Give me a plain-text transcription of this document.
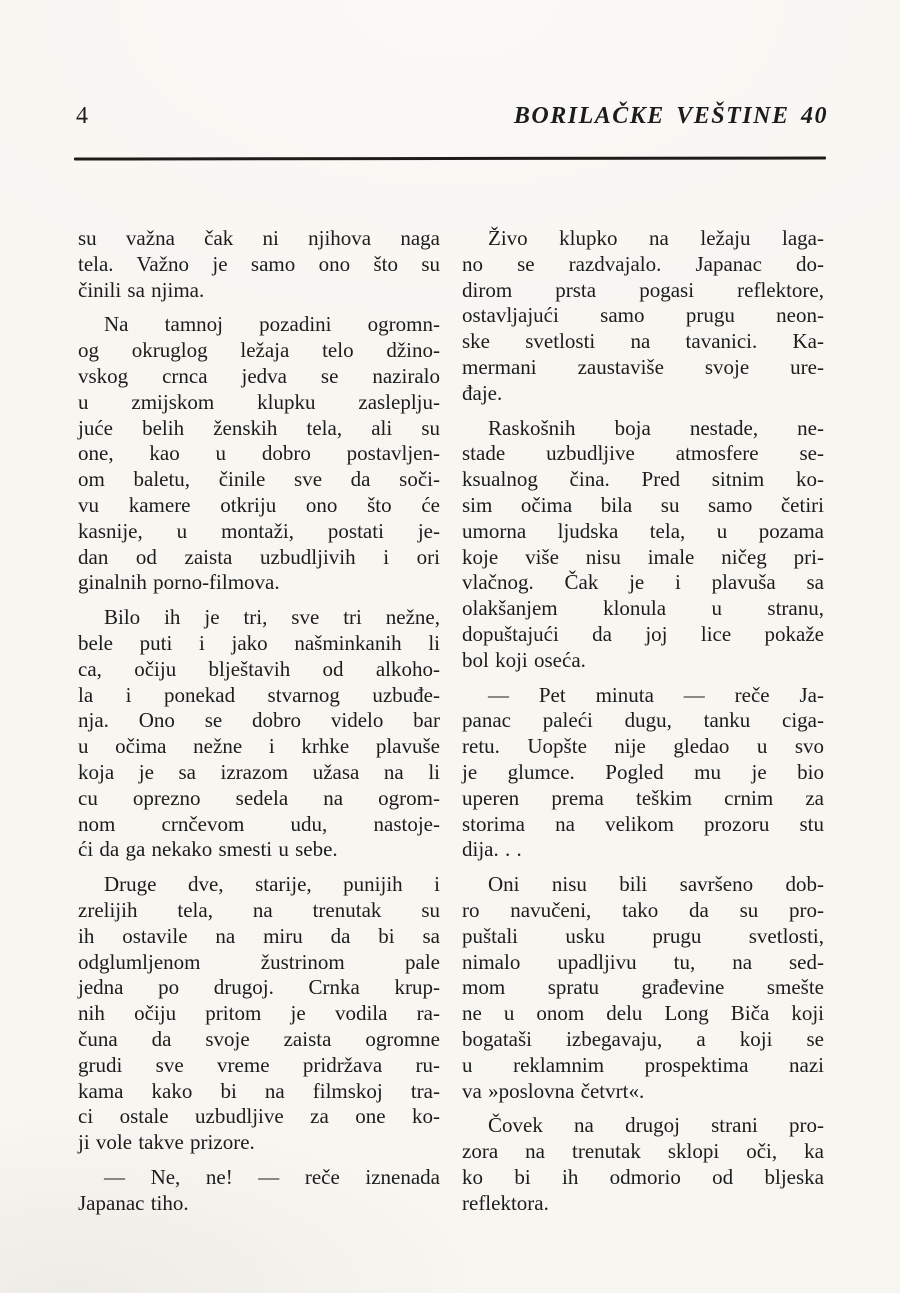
4	BORILAČKE VEŠTINE 40
su važna čak ni njihova naga
tela. Važno je samo ono što su
činili sa njima.
Na tamnoj pozadini ogromn-
og okruglog ležaja telo džino-
vskog crnca jedva se naziralo
u zmijskom klupku zasleplju-
juće belih ženskih tela, ali su
one, kao u dobro postavljen-
om baletu, činile sve da soči-
vu kamere otkriju ono što će
kasnije, u montaži, postati je-
dan od zaista uzbudljivih i ori
ginalnih porno-filmova.
Bilo ih je tri, sve tri nežne,
bele puti i jako našminkanih li
ca, očiju blještavih od alkoho-
la i ponekad stvarnog uzbuđe-
nja. Ono se dobro videlo bar
u očima nežne i krhke plavuše
koja je sa izrazom užasa na li
cu oprezno sedela na ogrom-
nom crnčevom udu, nastoje-
ći da ga nekako smesti u sebe.
Druge dve, starije, punijih i
zrelijih tela, na trenutak su
ih ostavile na miru da bi sa
odglumljenom žustrinom pale
jedna po drugoj. Crnka krup-
nih očiju pritom je vodila ra-
čuna da svoje zaista ogromne
grudi sve vreme pridržava ru-
kama kako bi na filmskoj tra-
ci ostale uzbudljive za one ko-
ji vole takve prizore.
— Ne, ne! — reče iznenada
Japanac tiho.
Živo klupko na ležaju laga-
no se razdvajalo. Japanac do-
dirom prsta pogasi reflektore,
ostavljajući samo prugu neon-
ske svetlosti na tavanici. Ka-
mermani zaustaviše svoje ure-
đaje.
Raskošnih boja nestade, ne-
stade uzbudljive atmosfere se-
ksualnog čina. Pred sitnim ko-
sim očima bila su samo četiri
umorna ljudska tela, u pozama
koje više nisu imale ničeg pri-
vlačnog. Čak je i plavuša sa
olakšanjem klonula u stranu,
dopuštajući da joj lice pokaže
bol koji oseća.
— Pet minuta — reče Ja-
panac paleći dugu, tanku ciga-
retu. Uopšte nije gledao u svo
je glumce. Pogled mu je bio
uperen prema teškim crnim za
storima na velikom prozoru stu
dija. . .
Oni nisu bili savršeno dob-
ro navučeni, tako da su pro-
puštali usku prugu svetlosti,
nimalo upadljivu tu, na sed-
mom spratu građevine smešte
ne u onom delu Long Biča koji
bogataši izbegavaju, a koji se
u reklamnim prospektima nazi
va »poslovna četvrt«.
Čovek na drugoj strani pro-
zora na trenutak sklopi oči, ka
ko bi ih odmorio od bljeska
reflektora.
